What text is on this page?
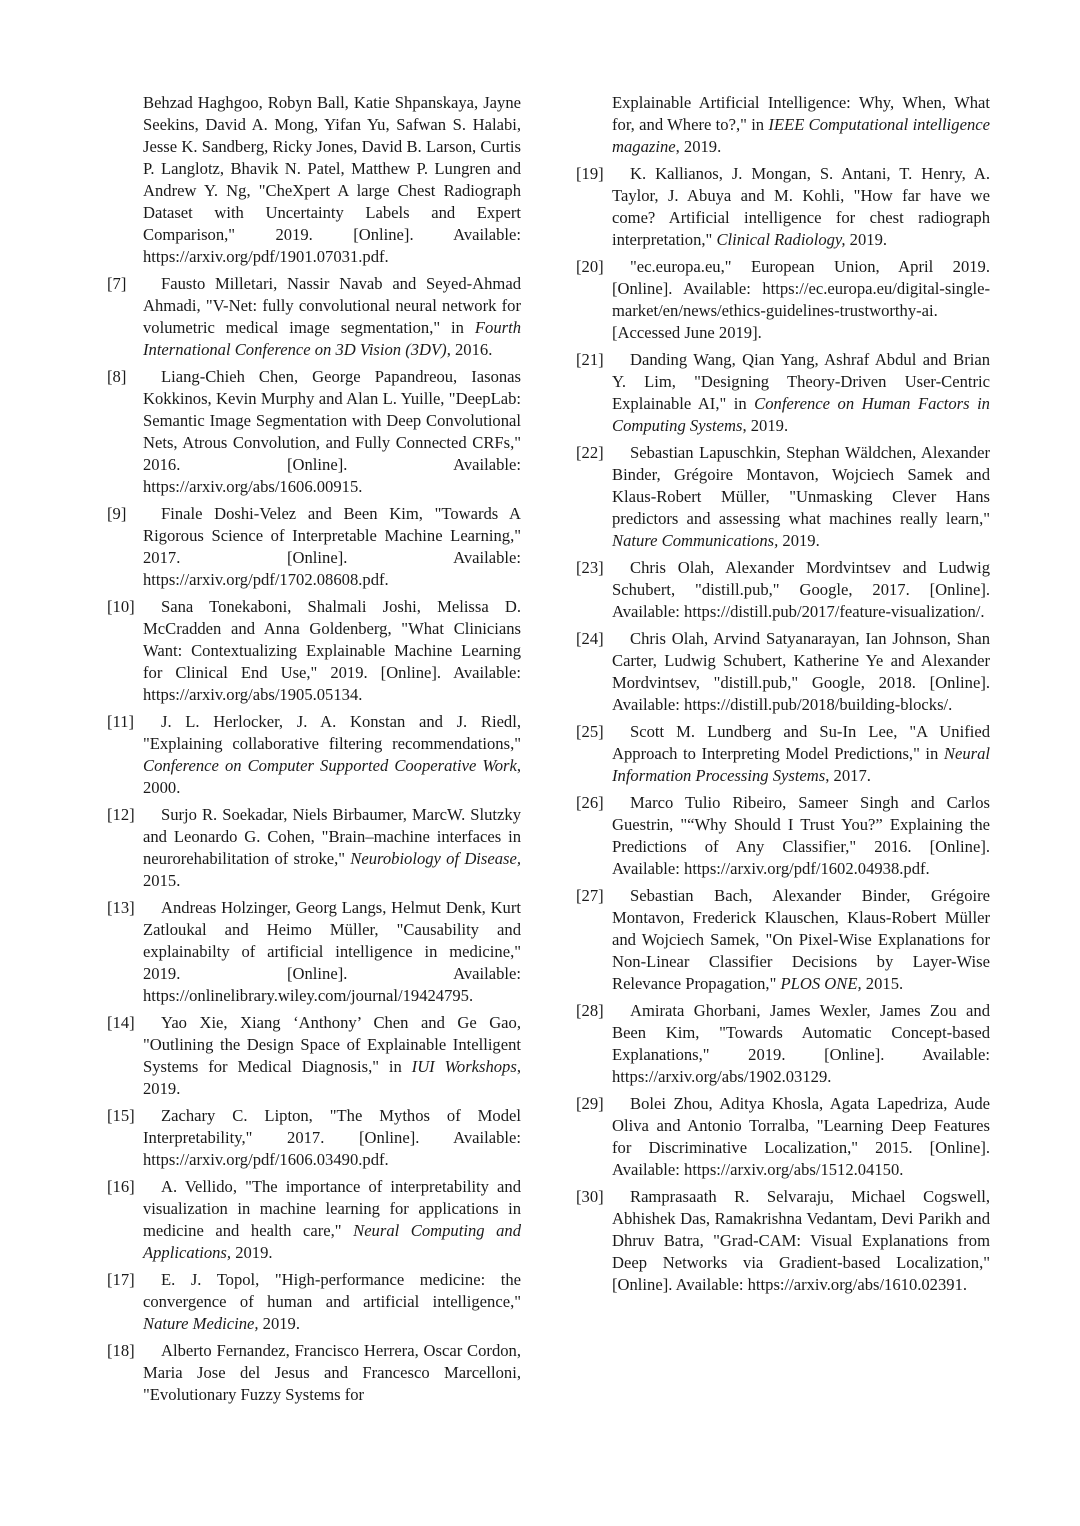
Behzad Haghgoo, Robyn Ball, Katie Shpanskaya, Jayne Seekins, David A. Mong, Yifan Yu, Safwan S. Halabi, Jesse K. Sandberg, Ricky Jones, David B. Larson, Curtis P. Langlotz, Bhavik N. Patel, Matthew P. Lungren and Andrew Y. Ng, "CheXpert A large Chest Radiograph Dataset with Uncertainty Labels and Expert Comparison," 2019. [Online]. Available: https://arxiv.org/pdf/1901.07031.pdf.
[7]	Fausto Milletari, Nassir Navab and Seyed-Ahmad Ahmadi, "V-Net: fully convolutional neural network for volumetric medical image segmentation," in Fourth International Conference on 3D Vision (3DV), 2016.
[8]	Liang-Chieh Chen, George Papandreou, Iasonas Kokkinos, Kevin Murphy and Alan L. Yuille, "DeepLab: Semantic Image Segmentation with Deep Convolutional Nets, Atrous Convolution, and Fully Connected CRFs," 2016. [Online]. Available: https://arxiv.org/abs/1606.00915.
[9]	Finale Doshi-Velez and Been Kim, "Towards A Rigorous Science of Interpretable Machine Learning," 2017. [Online]. Available: https://arxiv.org/pdf/1702.08608.pdf.
[10]	Sana Tonekaboni, Shalmali Joshi, Melissa D. McCradden and Anna Goldenberg, "What Clinicians Want: Contextualizing Explainable Machine Learning for Clinical End Use," 2019. [Online]. Available: https://arxiv.org/abs/1905.05134.
[11]	J. L. Herlocker, J. A. Konstan and J. Riedl, "Explaining collaborative filtering recommendations," Conference on Computer Supported Cooperative Work, 2000.
[12]	Surjo R. Soekadar, Niels Birbaumer, MarcW. Slutzky and Leonardo G. Cohen, "Brain–machine interfaces in neurorehabilitation of stroke," Neurobiology of Disease, 2015.
[13]	Andreas Holzinger, Georg Langs, Helmut Denk, Kurt Zatloukal and Heimo Müller, "Causability and explainabilty of artificial intelligence in medicine," 2019. [Online]. Available: https://onlinelibrary.wiley.com/journal/19424795.
[14]	Yao Xie, Xiang ‘Anthony’ Chen and Ge Gao, "Outlining the Design Space of Explainable Intelligent Systems for Medical Diagnosis," in IUI Workshops, 2019.
[15]	Zachary C. Lipton, "The Mythos of Model Interpretability," 2017. [Online]. Available: https://arxiv.org/pdf/1606.03490.pdf.
[16]	A. Vellido, "The importance of interpretability and visualization in machine learning for applications in medicine and health care," Neural Computing and Applications, 2019.
[17]	E. J. Topol, "High-performance medicine: the convergence of human and artificial intelligence," Nature Medicine, 2019.
[18]	Alberto Fernandez, Francisco Herrera, Oscar Cordon, Maria Jose del Jesus and Francesco Marcelloni, "Evolutionary Fuzzy Systems for
Explainable Artificial Intelligence: Why, When, What for, and Where to?," in IEEE Computational intelligence magazine, 2019.
[19]	K. Kallianos, J. Mongan, S. Antani, T. Henry, A. Taylor, J. Abuya and M. Kohli, "How far have we come? Artificial intelligence for chest radiograph interpretation," Clinical Radiology, 2019.
[20]	"ec.europa.eu," European Union, April 2019. [Online]. Available: https://ec.europa.eu/digital-single-market/en/news/ethics-guidelines-trustworthy-ai. [Accessed June 2019].
[21]	Danding Wang, Qian Yang, Ashraf Abdul and Brian Y. Lim, "Designing Theory-Driven User-Centric Explainable AI," in Conference on Human Factors in Computing Systems, 2019.
[22]	Sebastian Lapuschkin, Stephan Wäldchen, Alexander Binder, Grégoire Montavon, Wojciech Samek and Klaus-Robert Müller, "Unmasking Clever Hans predictors and assessing what machines really learn," Nature Communications, 2019.
[23]	Chris Olah, Alexander Mordvintsev and Ludwig Schubert, "distill.pub," Google, 2017. [Online]. Available: https://distill.pub/2017/feature-visualization/.
[24]	Chris Olah, Arvind Satyanarayan, Ian Johnson, Shan Carter, Ludwig Schubert, Katherine Ye and Alexander Mordvintsev, "distill.pub," Google, 2018. [Online]. Available: https://distill.pub/2018/building-blocks/.
[25]	Scott M. Lundberg and Su-In Lee, "A Unified Approach to Interpreting Model Predictions," in Neural Information Processing Systems, 2017.
[26]	Marco Tulio Ribeiro, Sameer Singh and Carlos Guestrin, "“Why Should I Trust You?” Explaining the Predictions of Any Classifier," 2016. [Online]. Available: https://arxiv.org/pdf/1602.04938.pdf.
[27]	Sebastian Bach, Alexander Binder, Grégoire Montavon, Frederick Klauschen, Klaus-Robert Müller and Wojciech Samek, "On Pixel-Wise Explanations for Non-Linear Classifier Decisions by Layer-Wise Relevance Propagation," PLOS ONE, 2015.
[28]	Amirata Ghorbani, James Wexler, James Zou and Been Kim, "Towards Automatic Concept-based Explanations," 2019. [Online]. Available: https://arxiv.org/abs/1902.03129.
[29]	Bolei Zhou, Aditya Khosla, Agata Lapedriza, Aude Oliva and Antonio Torralba, "Learning Deep Features for Discriminative Localization," 2015. [Online]. Available: https://arxiv.org/abs/1512.04150.
[30]	Ramprasaath R. Selvaraju, Michael Cogswell, Abhishek Das, Ramakrishna Vedantam, Devi Parikh and Dhruv Batra, "Grad-CAM: Visual Explanations from Deep Networks via Gradient-based Localization," [Online]. Available: https://arxiv.org/abs/1610.02391.
